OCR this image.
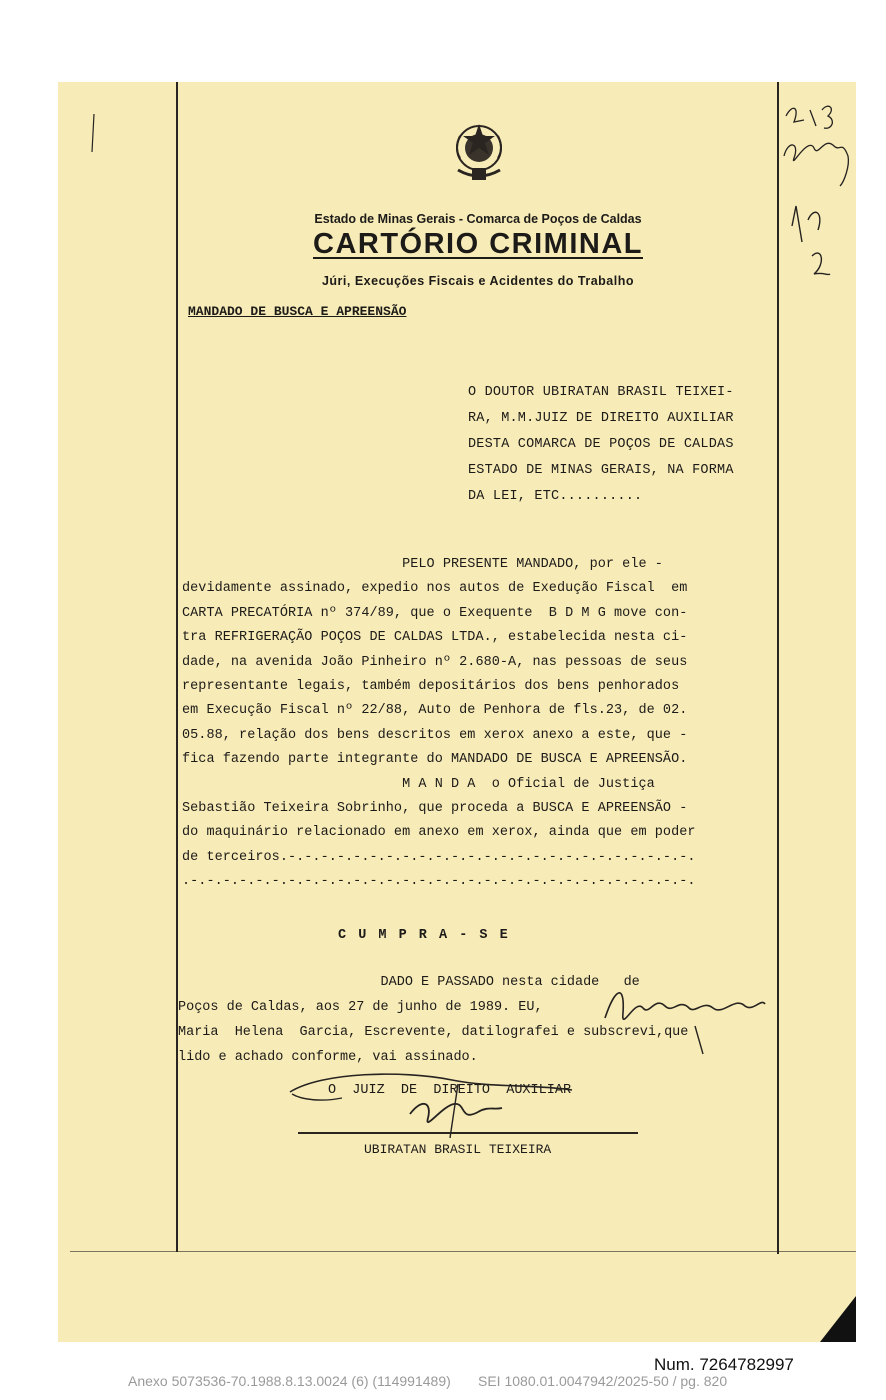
Estado de Minas Gerais - Comarca de Poços de Caldas
CARTÓRIO CRIMINAL
Júri, Execuções Fiscais e Acidentes do Trabalho
MANDADO DE BUSCA E APREENSÃO
O DOUTOR UBIRATAN BRASIL TEIXEI-
RA, M.M.JUIZ DE DIREITO AUXILIAR
DESTA COMARCA DE POÇOS DE CALDAS
ESTADO DE MINAS GERAIS, NA FORMA
DA LEI, ETC..........
PELO PRESENTE MANDADO, por ele -
devidamente assinado, expedio nos autos de Exedução Fiscal  em
CARTA PRECATÓRIA nº 374/89, que o Exequente  B D M G move con-
tra REFRIGERAÇÃO POÇOS DE CALDAS LTDA., estabelecida nesta ci-
dade, na avenida João Pinheiro nº 2.680-A, nas pessoas de seus
representante legais, também depositários dos bens penhorados
em Execução Fiscal nº 22/88, Auto de Penhora de fls.23, de 02.
05.88, relação dos bens descritos em xerox anexo a este, que -
fica fazendo parte integrante do MANDADO DE BUSCA E APREENSÃO.
M A N D A  o Oficial de Justiça
Sebastião Teixeira Sobrinho, que proceda a BUSCA E APREENSÃO -
do maquinário relacionado em anexo em xerox, ainda que em poder
de terceiros.-.-.-.-.-.-.-.-.-.-.-.-.-.-.-.-.-.-.-.-.-.-.-.-.-.
.-.-.-.-.-.-.-.-.-.-.-.-.-.-.-.-.-.-.-.-.-.-.-.-.-.-.-.-.-.-.-.
C U M P R A - S E
DADO E PASSADO nesta cidade   de
Poços de Caldas, aos 27 de junho de 1989. EU,
Maria  Helena  Garcia, Escrevente, datilografei e subscrevi,que
lido e achado conforme, vai assinado.
O  JUIZ  DE  DIREITO  AUXILIAR
UBIRATAN BRASIL TEIXEIRA
Num. 7264782997
Anexo 5073536-70.1988.8.13.0024 (6) (114991489)       SEI 1080.01.0047942/2025-50 / pg. 820
